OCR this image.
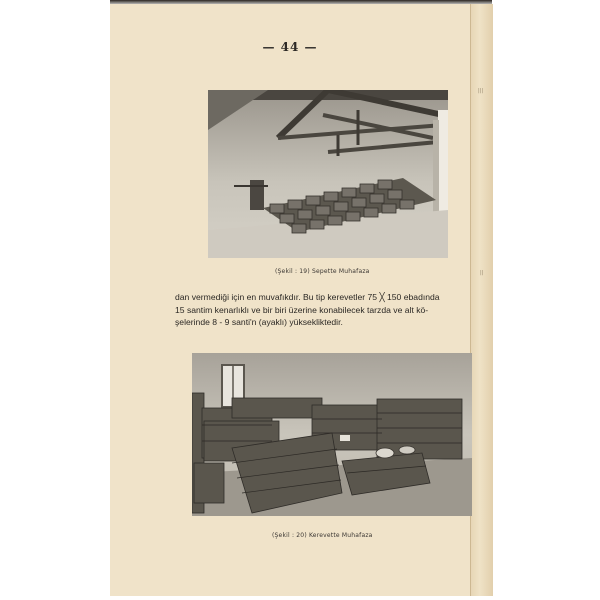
— 44 —
(Şekil : 19) Sepette Muhafaza
dan vermediği için en muvafıkdır. Bu tip kerevetler 75 ╳ 150 ebadında
15 santim kenarlıklı ve bir biri üzerine konabilecek tarzda ve alt kö-
şelerinde 8 - 9 santi'n (ayaklı) yüksekliktedir.
(Şekil : 20) Kerevette Muhafaza
|||
||
